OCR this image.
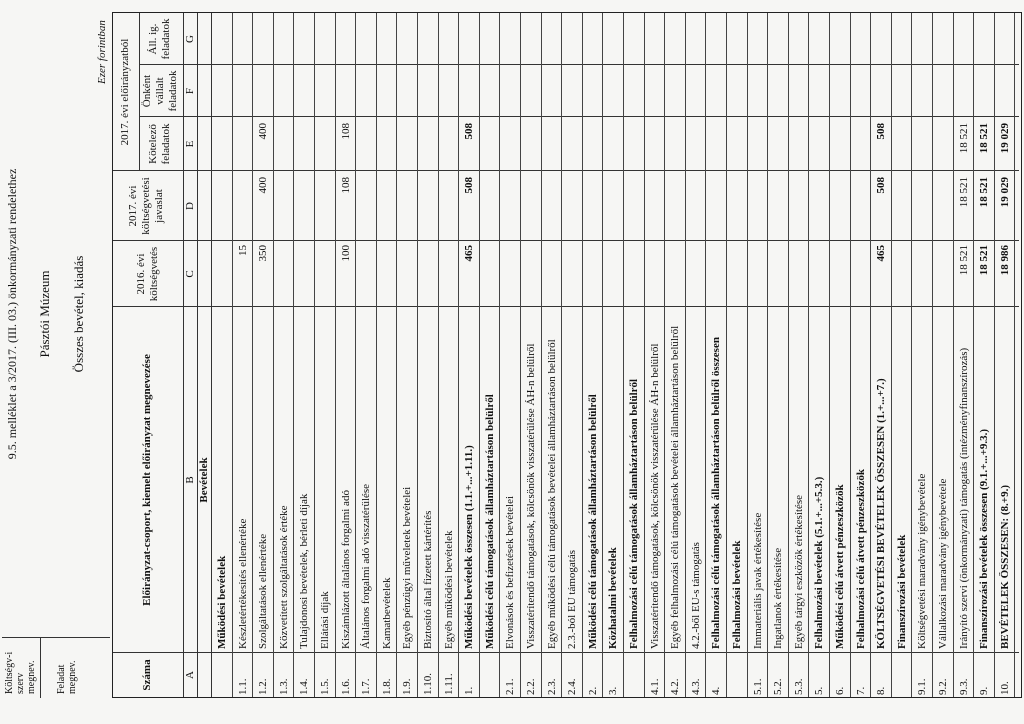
Költségv-i szerv megnev. Feladat megnev.
9.5. melléklet a 3/2017. (III. 03.) önkormányzati rendelethez Pásztói Múzeum Összes bevétel, kiadás
Ezer forintban
Száma
Előirányzat-csoport, kiemelt előirányzat megnevezése
2016. évi költségvetés
2017. évi költségvetési javaslat
2017. évi előirányzatból Kötelező feladatok
Önként vállalt feladatok
Áll. ig. feladatok
A
B
C
D
E
F
G
Bevételek
Működési bevételek
1.1.
Készletértékesítés ellenértéke
15
1.2.
Szolgáltatások ellenértéke
350
400
400
1.3.
Közvetített szolgáltatások értéke
1.4.
Tulajdonosi bevételek, bérleti díjak
1.5.
Ellátási díjak
1.6.
Kiszámlázott általános forgalmi adó
100
108
108
1.7.
Általános forgalmi adó visszatérülése
1.8.
Kamatbevételek
1.9.
Egyéb pénzügyi műveletek bevételei
1.10.
Biztosító által fizetett kártérítés
1.11.
Egyéb működési bevételek
1.
Működési bevételek összesen (1.1.+...+1.11.)
465
508
508
Működési célú támogatások államháztartáson belülről
2.1.
Elvonások és befizetések bevételei
2.2.
Visszatérítendő támogatások, kölcsönök visszatérülése ÁH-n belülről
2.3.
Egyéb működési célú támogatások bevételei államháztartáson belülről
2.4.
2.3.-ból EU támogatás
2.
Működési célú támogatások államháztartáson belülről
3.
Közhatalmi bevételek Felhalmozási célú támogatások államháztartáson belülről
4.1.
Visszatérítendő támogatások, kölcsönök visszatérülése ÁH-n belülről
4.2.
Egyéb felhalmozási célú támogatások bevételei államháztartáson belülről
4.3.
4.2.-ből EU-s támogatás
4.
Felhalmozási célú támogatások államháztartáson belülről összesen Felhalmozási bevételek
5.1.
Immateriális javak értékesítése
5.2.
Ingatlanok értékesítése
5.3.
Egyéb tárgyi eszközök értékesítése
5.
Felhalmozási bevételek (5.1.+...+5.3.)
6.
Működési célú átvett pénzeszközök
7.
Felhalmozási célú átvett pénzeszközök
8.
KÖLTSÉGVETÉSI BEVÉTELEK ÖSSZESEN (1.+...+7.)
465
508
508
Finanszírozási bevételek
9.1.
Költségvetési maradvány igénybevétele
9.2.
Vállalkozási maradvány igénybevétele
9.3.
Irányító szervi (önkormányzati) támogatás (intézményfinanszírozás)
18 521
18 521
18 521
9.
Finanszírozási bevételek összesen (9.1.+...+9.3.)
18 521
18 521
18 521
10.
BEVÉTELEK ÖSSZESEN: (8.+9.)
18 986
19 029
19 029
